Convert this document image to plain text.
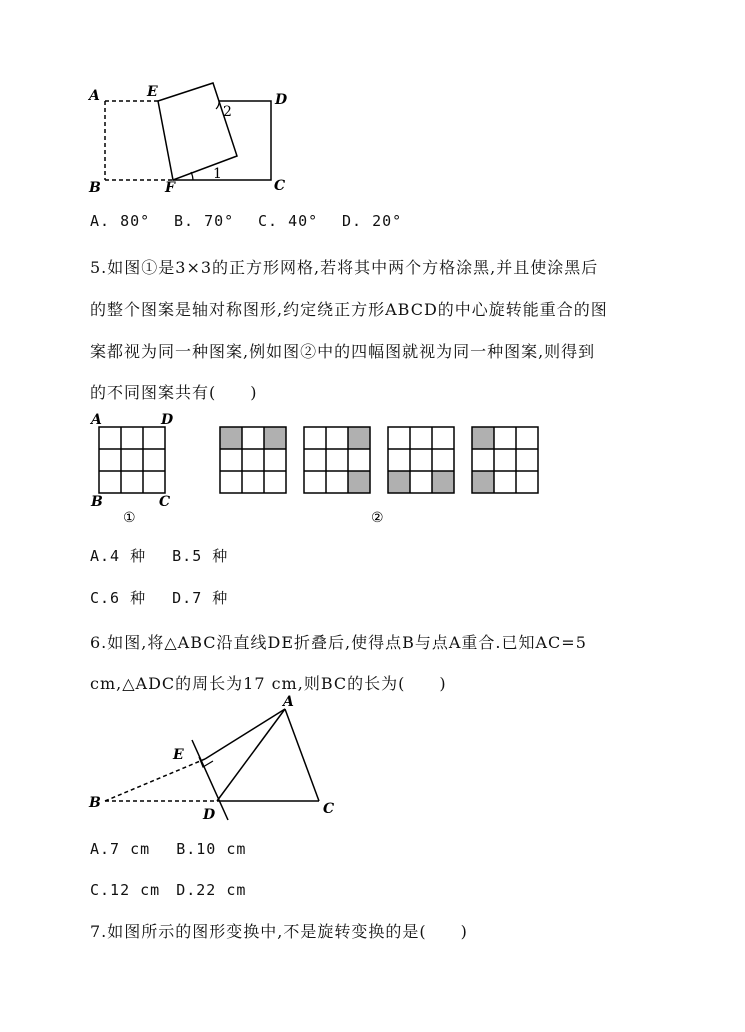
A	E	D
B	F	C
1
2
A. 80° B. 70° C. 40° D. 20°
5.如图①是3×3的正方形网格,若将其中两个方格涂黑,并且使涂黑后
的整个图案是轴对称图形,约定绕正方形ABCD的中心旋转能重合的图
案都视为同一种图案,例如图②中的四幅图就视为同一种图案,则得到
的不同图案共有(　　)
A	D
B	C
①	②
A.4 种　 B.5 种
C.6 种　 D.7 种
6.如图,将△ABC沿直线DE折叠后,使得点B与点A重合.已知AC=5
cm,△ADC的周长为17 cm,则BC的长为(　　)
A
E
B
D	C
A.7 cm　 B.10 cm
C.12 cm　D.22 cm
7.如图所示的图形变换中,不是旋转变换的是(　　)
